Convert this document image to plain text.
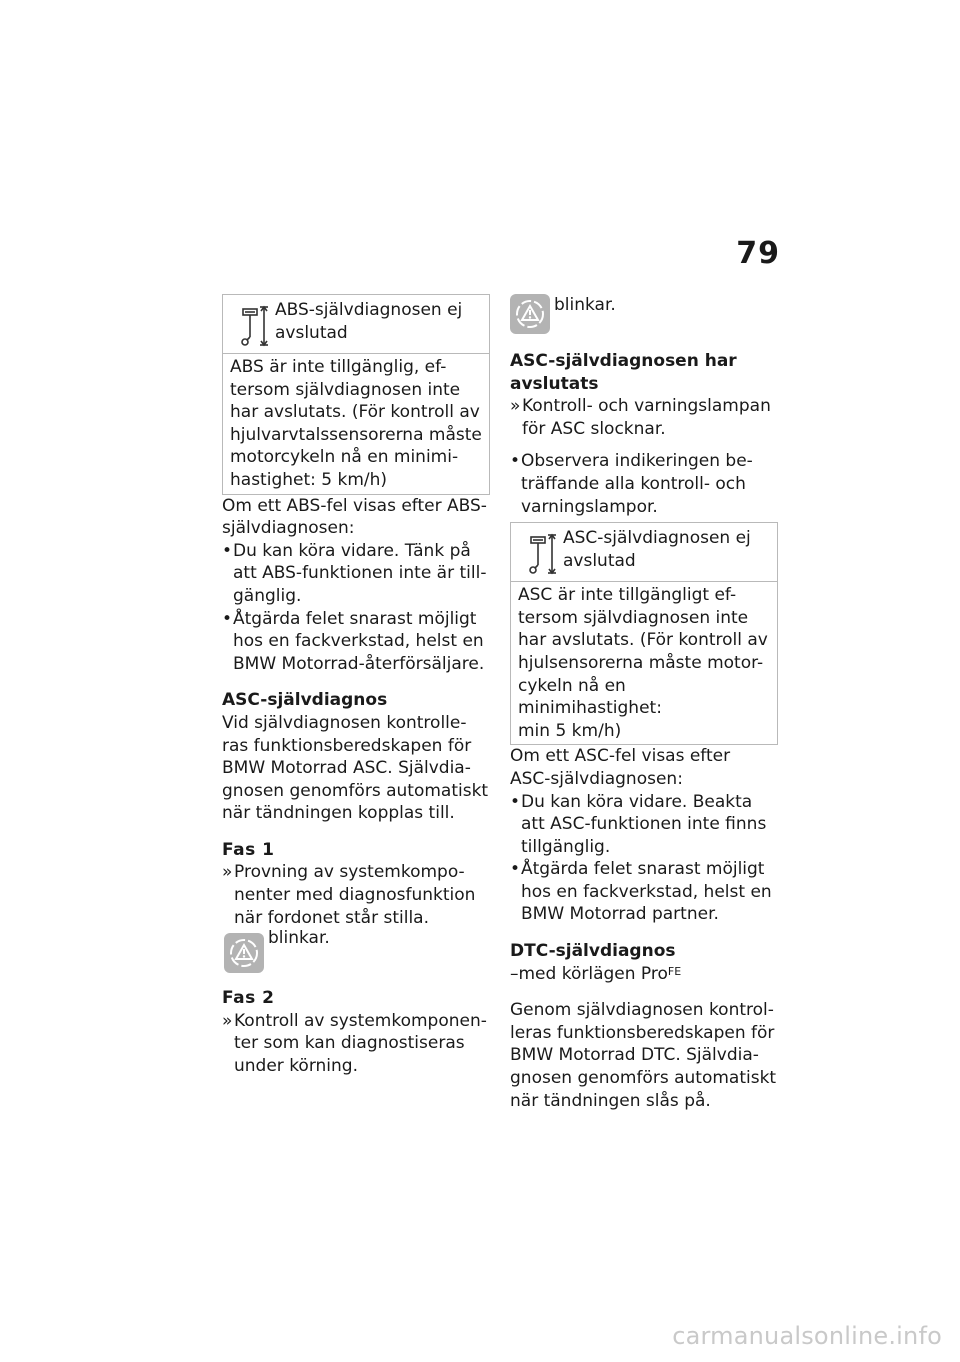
79
ABS-självdiagnosen ej
avslutad
ABS är inte tillgänglig, ef-
tersom självdiagnosen inte
har avslutats. (För kontroll av
hjulvarvtalssensorerna måste
motorcykeln nå en minimi-
hastighet: 5 km/h)
Om ett ABS-fel visas efter ABS-
självdiagnosen:
• Du kan köra vidare. Tänk på
att ABS-funktionen inte är till-
gänglig.
• Åtgärda felet snarast möjligt
hos en fackverkstad, helst en
BMW Motorrad-återförsäljare.
ASC-självdiagnos
Vid självdiagnosen kontrolle-
ras funktionsberedskapen för
BMW Motorrad ASC. Självdia-
gnosen genomförs automatiskt
när tändningen kopplas till.
Fas 1
» Provning av systemkompo-
nenter med diagnosfunktion
när fordonet står stilla.
blinkar.
Fas 2
» Kontroll av systemkomponen-
ter som kan diagnostiseras
under körning.
blinkar.
ASC-självdiagnosen har
avslutats
» Kontroll- och varningslampan
för ASC slocknar.
• Observera indikeringen be-
träffande alla kontroll- och
varningslampor.
ASC-självdiagnosen ej
avslutad
ASC är inte tillgängligt ef-
tersom självdiagnosen inte
har avslutats. (För kontroll av
hjulsensorerna måste motor-
cykeln nå en minimihastighet:
min 5 km/h)
Om ett ASC-fel visas efter
ASC-självdiagnosen:
• Du kan köra vidare. Beakta
att ASC-funktionen inte finns
tillgänglig.
• Åtgärda felet snarast möjligt
hos en fackverkstad, helst en
BMW Motorrad partner.
DTC-självdiagnos
–med körlägen Pro$^{FE}$
Genom självdiagnosen kontrol-
leras funktionsberedskapen för
BMW Motorrad DTC. Självdia-
gnosen genomförs automatiskt
när tändningen slås på.
carmanualsonline.info
